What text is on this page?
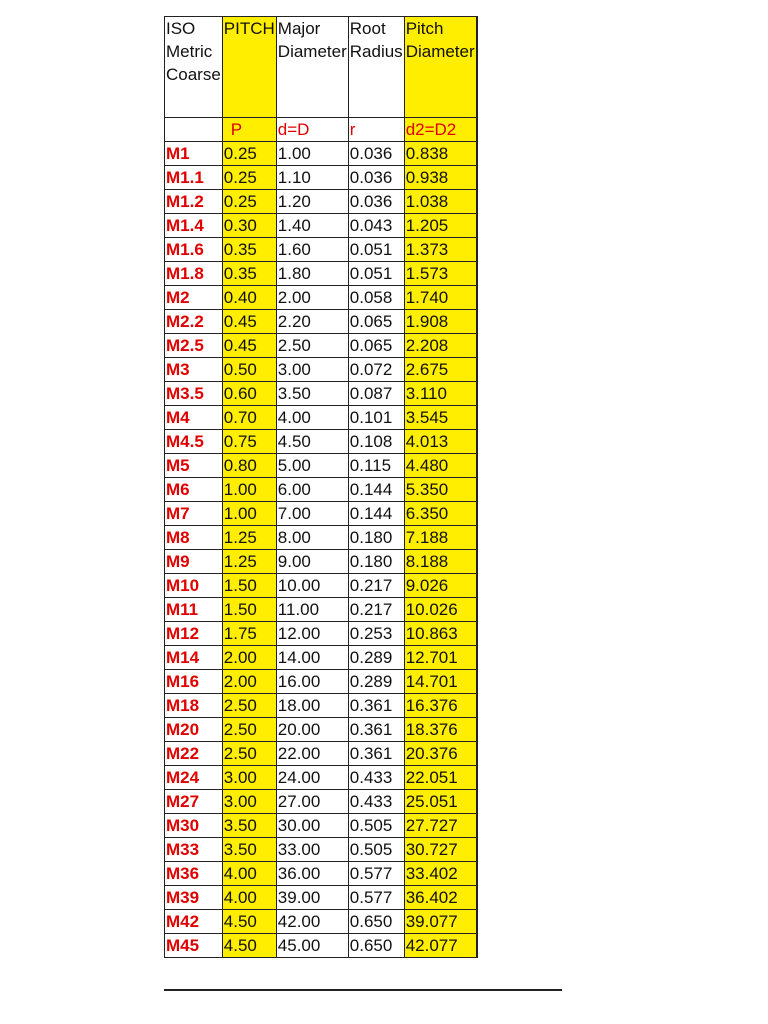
ISO Metric Coarse	PITCH	Major Diameter	Root Radius	Pitch Diameter	
	P	d=D	r	d2=D2	
M1	0.25	1.00	0.036	0.838	
M1.1	0.25	1.10	0.036	0.938	
M1.2	0.25	1.20	0.036	1.038	
M1.4	0.30	1.40	0.043	1.205	
M1.6	0.35	1.60	0.051	1.373	
M1.8	0.35	1.80	0.051	1.573	
M2	0.40	2.00	0.058	1.740	
M2.2	0.45	2.20	0.065	1.908	
M2.5	0.45	2.50	0.065	2.208	
M3	0.50	3.00	0.072	2.675	
M3.5	0.60	3.50	0.087	3.110	
M4	0.70	4.00	0.101	3.545	
M4.5	0.75	4.50	0.108	4.013	
M5	0.80	5.00	0.115	4.480	
M6	1.00	6.00	0.144	5.350	
M7	1.00	7.00	0.144	6.350	
M8	1.25	8.00	0.180	7.188	
M9	1.25	9.00	0.180	8.188	
M10	1.50	10.00	0.217	9.026	
M11	1.50	11.00	0.217	10.026	
M12	1.75	12.00	0.253	10.863	
M14	2.00	14.00	0.289	12.701	
M16	2.00	16.00	0.289	14.701	
M18	2.50	18.00	0.361	16.376	
M20	2.50	20.00	0.361	18.376	
M22	2.50	22.00	0.361	20.376	
M24	3.00	24.00	0.433	22.051	
M27	3.00	27.00	0.433	25.051	
M30	3.50	30.00	0.505	27.727	
M33	3.50	33.00	0.505	30.727	
M36	4.00	36.00	0.577	33.402	
M39	4.00	39.00	0.577	36.402	
M42	4.50	42.00	0.650	39.077	
M45	4.50	45.00	0.650	42.077	
